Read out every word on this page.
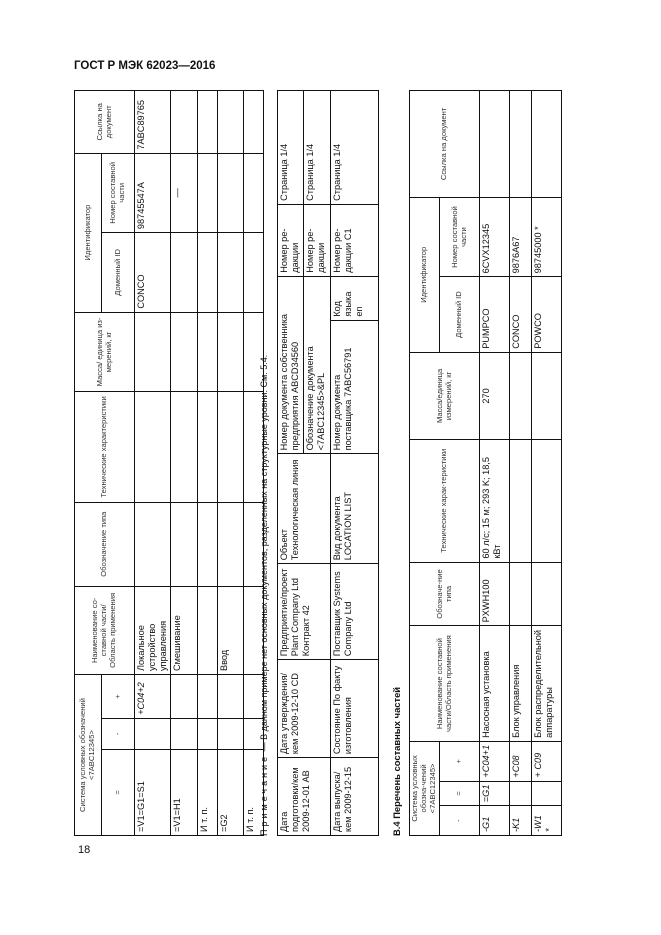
ГОСТ Р МЭК 62023—2016
18
Система условных обозначений <7ABC12345>			Наименование со-ставной части/ Область применения	Обозначение типа	Технические характеристики	Масса/ единица из-мерений, кг	Идентификатор		Ссылка на документ
=	-	+					Доменный ID	Номер составной части	
=V1=G1=S1		+C04+2	Локальное устройство управления				CONCO	98745547A	7ABC89765
=V1=H1			Смешивание					—	
И т. п.									
=G2			Ввод						
И т. п.									Примечание — В данном примере нет основных документов, разделенных на структурные уровни. См. 5.4.
Дата подготовки/кем 2009-12-01 AB	Дата утверждения/кем 2009-12-10 CD	Предприятие/проект Plant Company Ltd Контракт 42	Объект Технологическая линия	Номер документа собственника предприятия ABCD34560		Номер ре-дакции	Страница 1/4
				Обозначение документа <7ABC12345>&PL		Номер ре-дакции	Страница 1/4
Дата выпуска/кем 2009-12-15	Состояние По факту изготовления	Поставщик Systems Company Ltd	Вид документа LOCATION LIST	Номер документа поставщика 7ABC56791	Код языка en	Номер ре-дакции C1	Страница 1/4
В.4 Перечень составных частей Система условных обозна-чений <7ABC12345>			Наименование составной части/Область применения	Обозначе-ние типа	Технические харак-теристики	Масса/единица измерений, кг	Идентификатор		Ссылка на документ
-	=	+					Доменный ID	Номер составной части	
-G1	=G1	+C04+1	Насосная установка	PXWH100	60 л/с; 15 м; 293 K; 18,5 кВт	270	PUMPCO	6CVX12345	
-K1		+C08	Блок управления				CONCO	9876A67	
-W1 *		+ C09	Блок распределительной аппаратуры				POWCO	98745000 *	
